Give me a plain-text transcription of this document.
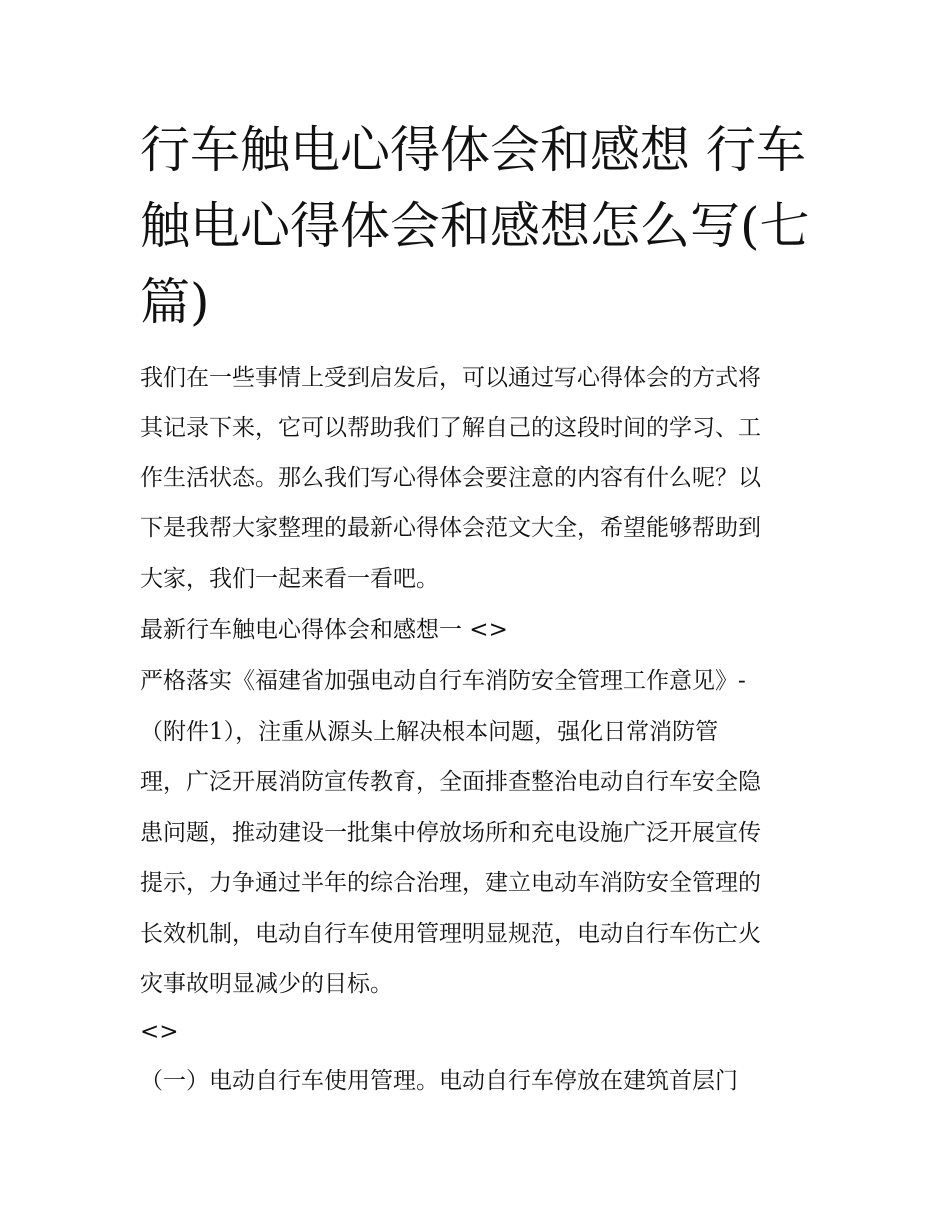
行车触电心得体会和感想 行车
触电心得体会和感想怎么写(七
篇)

我们在一些事情上受到启发后，可以通过写心得体会的方式将

其记录下来，它可以帮助我们了解自己的这段时间的学习、工

作生活状态。那么我们写心得体会要注意的内容有什么呢？以

下是我帮大家整理的最新心得体会范文大全，希望能够帮助到

大家，我们一起来看一看吧。

最新行车触电心得体会和感想一 <>

严格落实《福建省加强电动自行车消防安全管理工作意见》-

（附件1），注重从源头上解决根本问题，强化日常消防管

理，广泛开展消防宣传教育，全面排查整治电动自行车安全隐

患问题，推动建设一批集中停放场所和充电设施广泛开展宣传

提示，力争通过半年的综合治理，建立电动车消防安全管理的

长效机制，电动自行车使用管理明显规范，电动自行车伤亡火

灾事故明显减少的目标。

<>

（一）电动自行车使用管理。电动自行车停放在建筑首层门
